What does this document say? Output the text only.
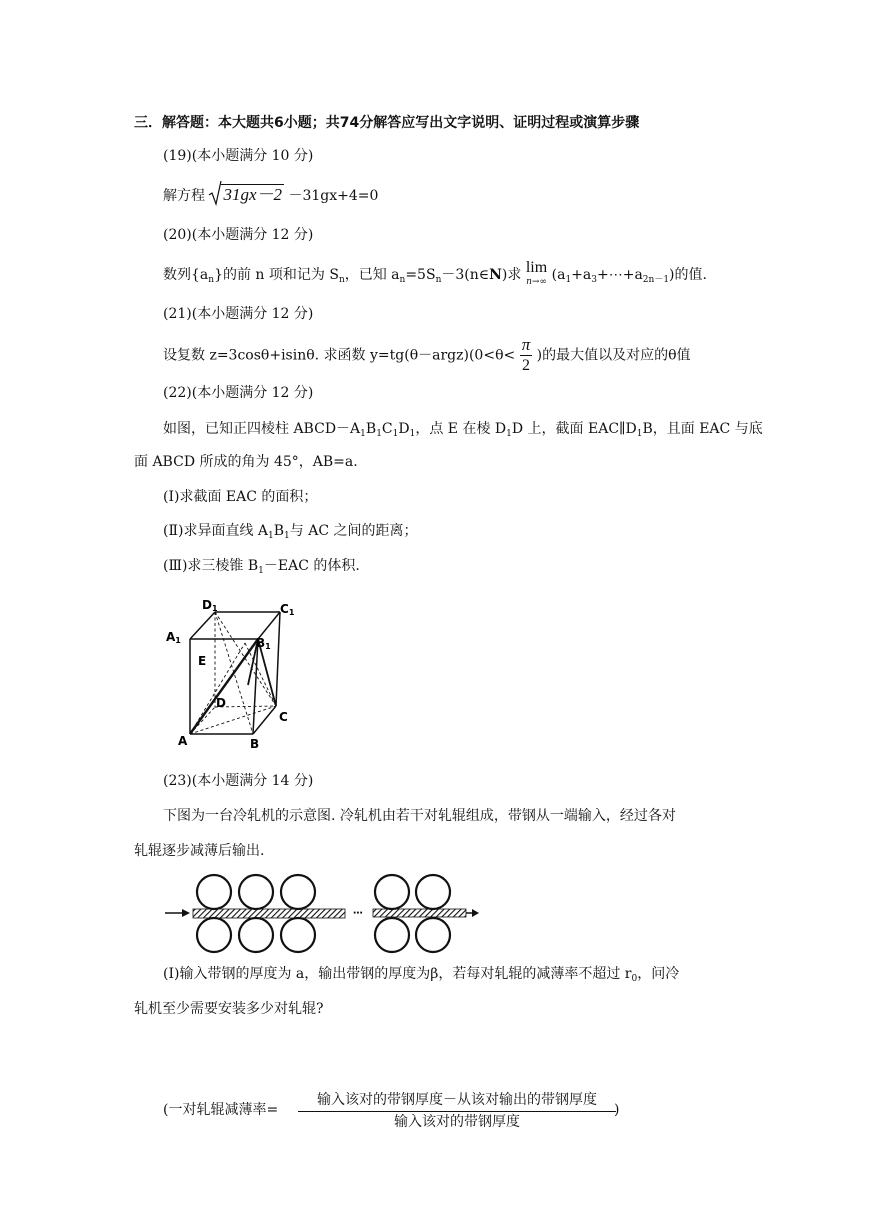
三．解答题：本大题共6小题；共74分解答应写出文字说明、证明过程或演算步骤
(19)(本小题满分 10 分)
解方程 31gx－2 －31gx+4=0
(20)(本小题满分 12 分)
数列$\{a_n\}$的前 n 项和记为 $S_n$，已知 $a_n=5S_n-3(n\in N)$求 lim
n→∞ $(a_1+a_3+\cdots+a_{2n-1})$的值.
(21)(本小题满分 12 分)
设复数 z=3cosθ+isinθ. 求函数 y=tg(θ－argz)(0<θ< $\frac{\pi}{2}$ )的最大值以及对应的θ值
(22)(本小题满分 12 分)
如图，已知正四棱柱 $ABCD-A_1B_1C_1D_1$，点 E 在棱 $D_1D$ 上，截面 $EAC\parallel D_1B$，且面 EAC 与底
面 ABCD 所成的角为 45°，AB=a.
(Ⅰ)求截面 EAC 的面积；
(Ⅱ)求异面直线 $A_1B_1$与 AC 之间的距离；
(Ⅲ)求三棱锥 $B_1-EAC$ 的体积.
D1	C1
A1	B1
E
D
C
A	B
(23)(本小题满分 14 分)
下图为一台冷轧机的示意图. 冷轧机由若干对轧辊组成，带钢从一端输入，经过各对
轧辊逐步减薄后输出.
⋯
(Ⅰ)输入带钢的厚度为 a，输出带钢的厚度为β，若每对轧辊的减薄率不超过 $r_0$，问冷
轧机至少需要安装多少对轧辊?
(一对轧辊减薄率=
输入该对的带钢厚度－从该对输出的带钢厚度
输入该对的带钢厚度
)
